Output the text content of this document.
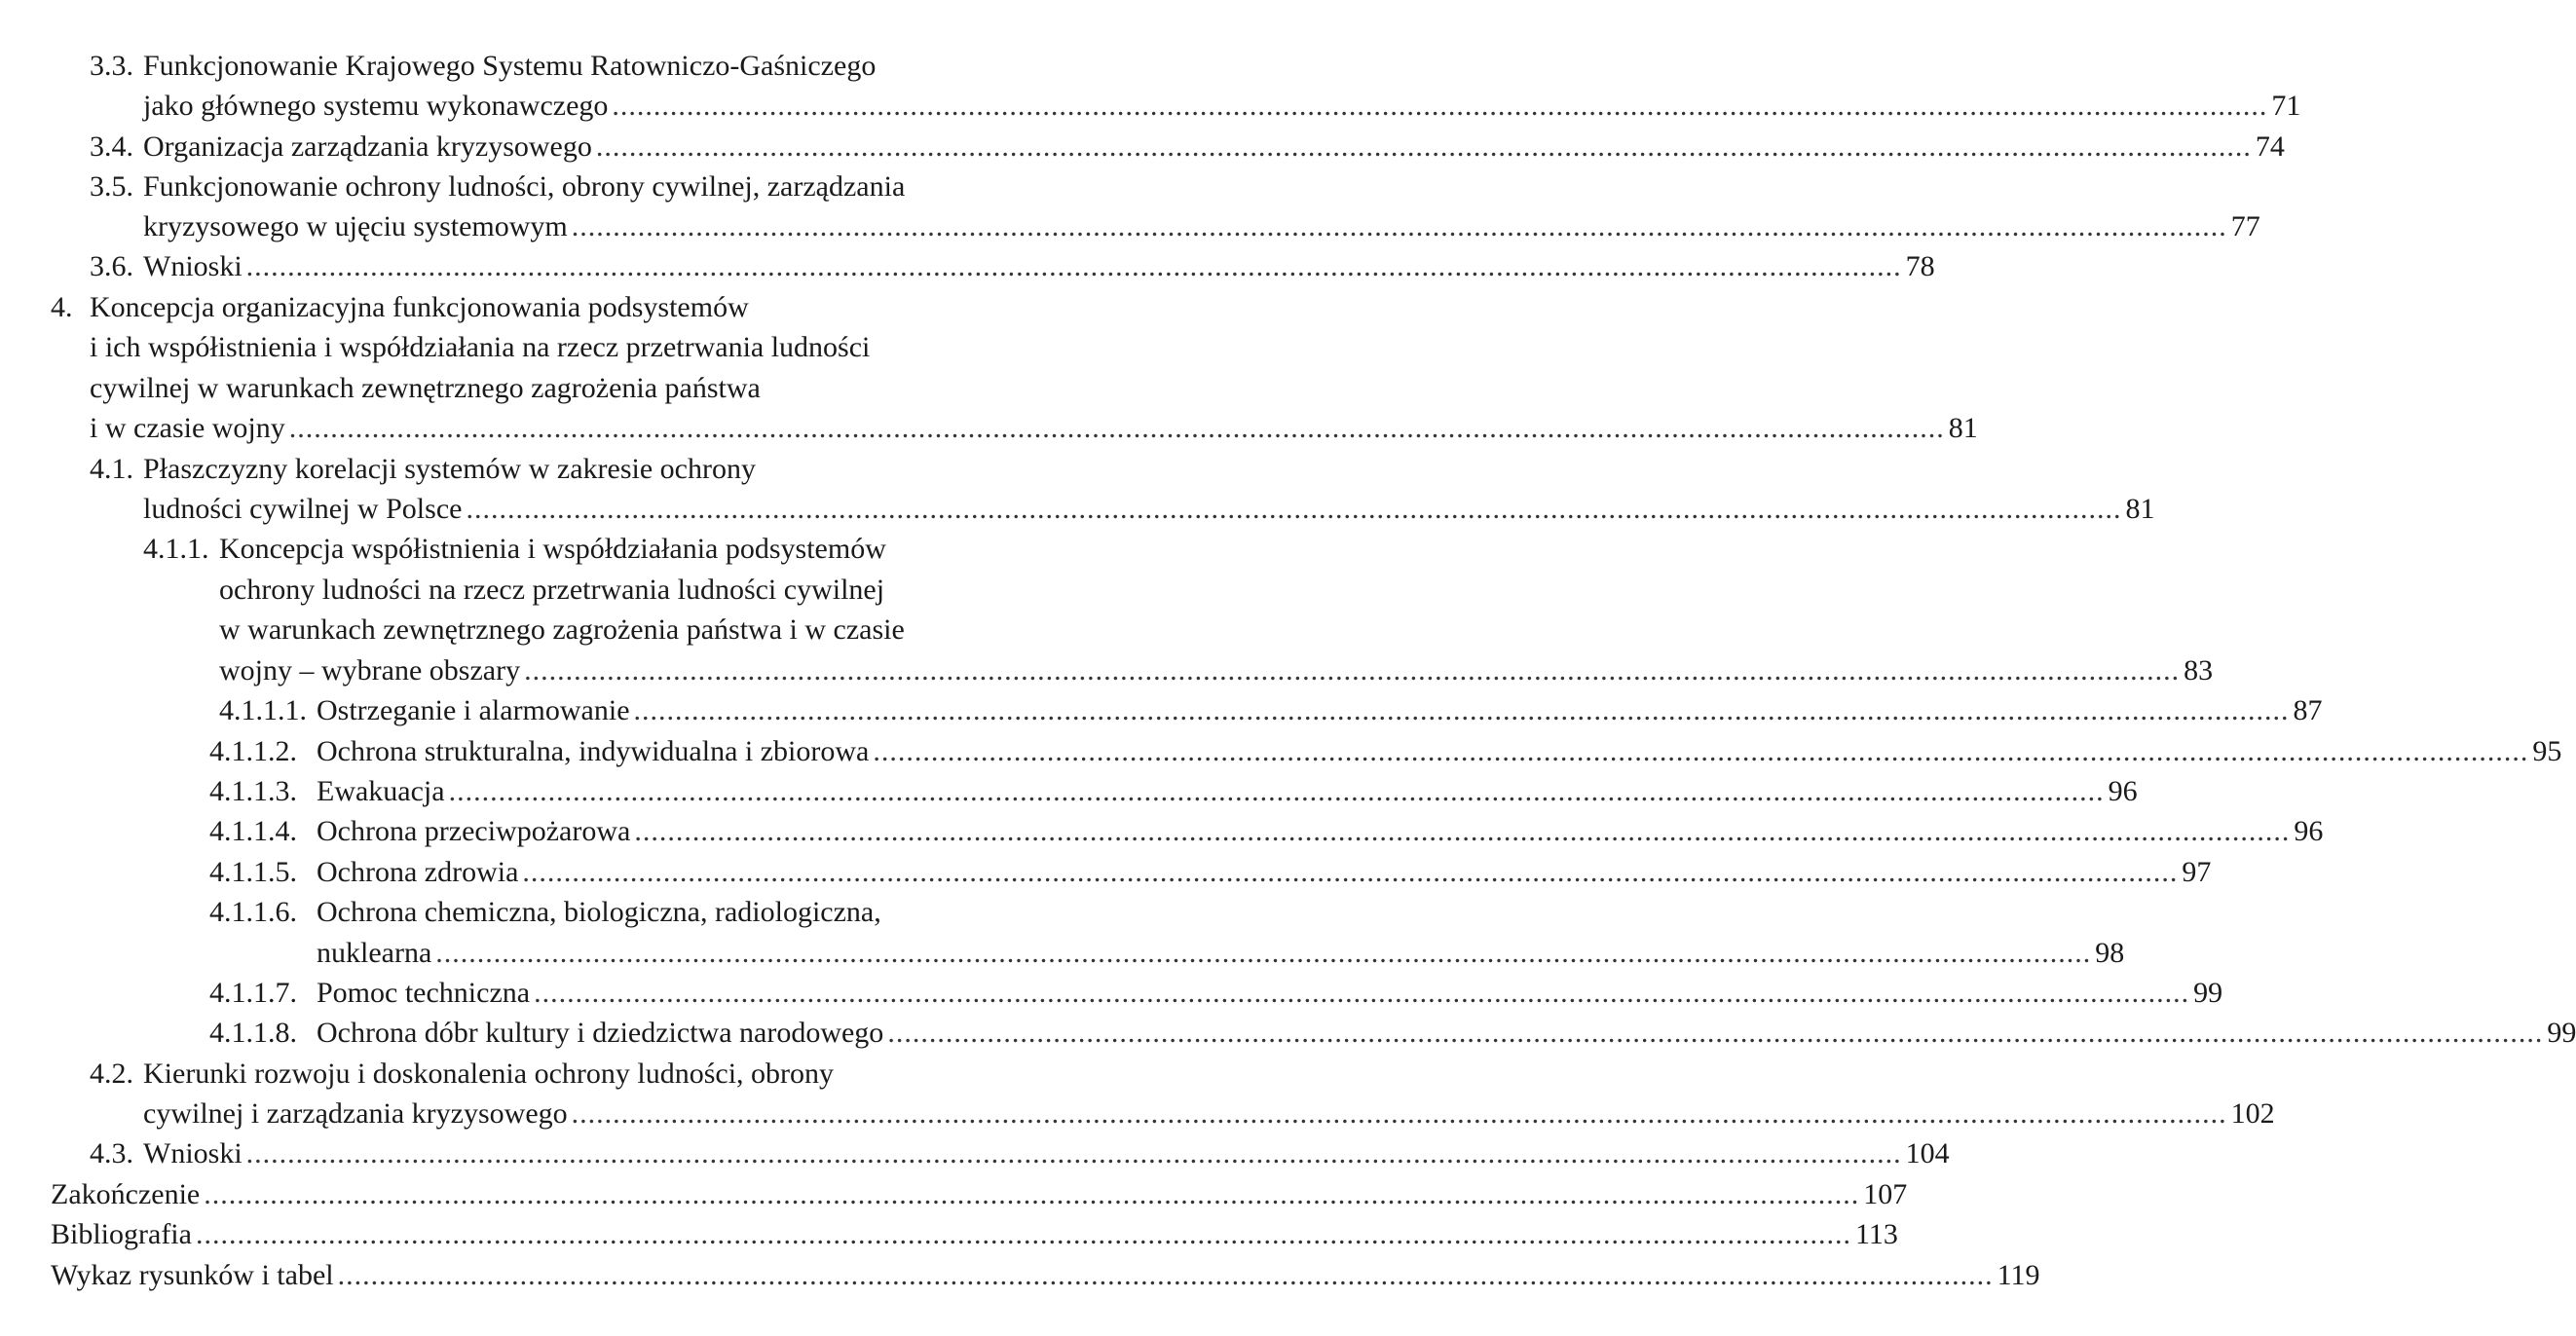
3.3. Funkcjonowanie Krajowego Systemu Ratowniczo-Gaśniczego
jako głównego systemu wykonawczego ........................................................................................................................................................................................................ 71
3.4. Organizacja zarządzania kryzysowego ........................................................................................................................................................................................................ 74
3.5. Funkcjonowanie ochrony ludności, obrony cywilnej, zarządzania
kryzysowego w ujęciu systemowym ........................................................................................................................................................................................................ 77
3.6. Wnioski ........................................................................................................................................................................................................ 78
4. Koncepcja organizacyjna funkcjonowania podsystemów
i ich współistnienia i współdziałania na rzecz przetrwania ludności
cywilnej w warunkach zewnętrznego zagrożenia państwa
i w czasie wojny ........................................................................................................................................................................................................ 81
4.1. Płaszczyzny korelacji systemów w zakresie ochrony
ludności cywilnej w Polsce ........................................................................................................................................................................................................ 81
4.1.1. Koncepcja współistnienia i współdziałania podsystemów
ochrony ludności na rzecz przetrwania ludności cywilnej
w warunkach zewnętrznego zagrożenia państwa i w czasie
wojny – wybrane obszary ........................................................................................................................................................................................................ 83
4.1.1.1. Ostrzeganie i alarmowanie ........................................................................................................................................................................................................ 87
4.1.1.2. Ochrona strukturalna, indywidualna i zbiorowa ........................................................................................................................................................................................................ 95
4.1.1.3. Ewakuacja ........................................................................................................................................................................................................ 96
4.1.1.4. Ochrona przeciwpożarowa ........................................................................................................................................................................................................ 96
4.1.1.5. Ochrona zdrowia ........................................................................................................................................................................................................ 97
4.1.1.6. Ochrona chemiczna, biologiczna, radiologiczna,
nuklearna ........................................................................................................................................................................................................ 98
4.1.1.7. Pomoc techniczna ........................................................................................................................................................................................................ 99
4.1.1.8. Ochrona dóbr kultury i dziedzictwa narodowego ........................................................................................................................................................................................................ 99
4.2. Kierunki rozwoju i doskonalenia ochrony ludności, obrony
cywilnej i zarządzania kryzysowego ........................................................................................................................................................................................................ 102
4.3. Wnioski ........................................................................................................................................................................................................ 104
Zakończenie ........................................................................................................................................................................................................ 107
Bibliografia ........................................................................................................................................................................................................ 113
Wykaz rysunków i tabel ........................................................................................................................................................................................................ 119
